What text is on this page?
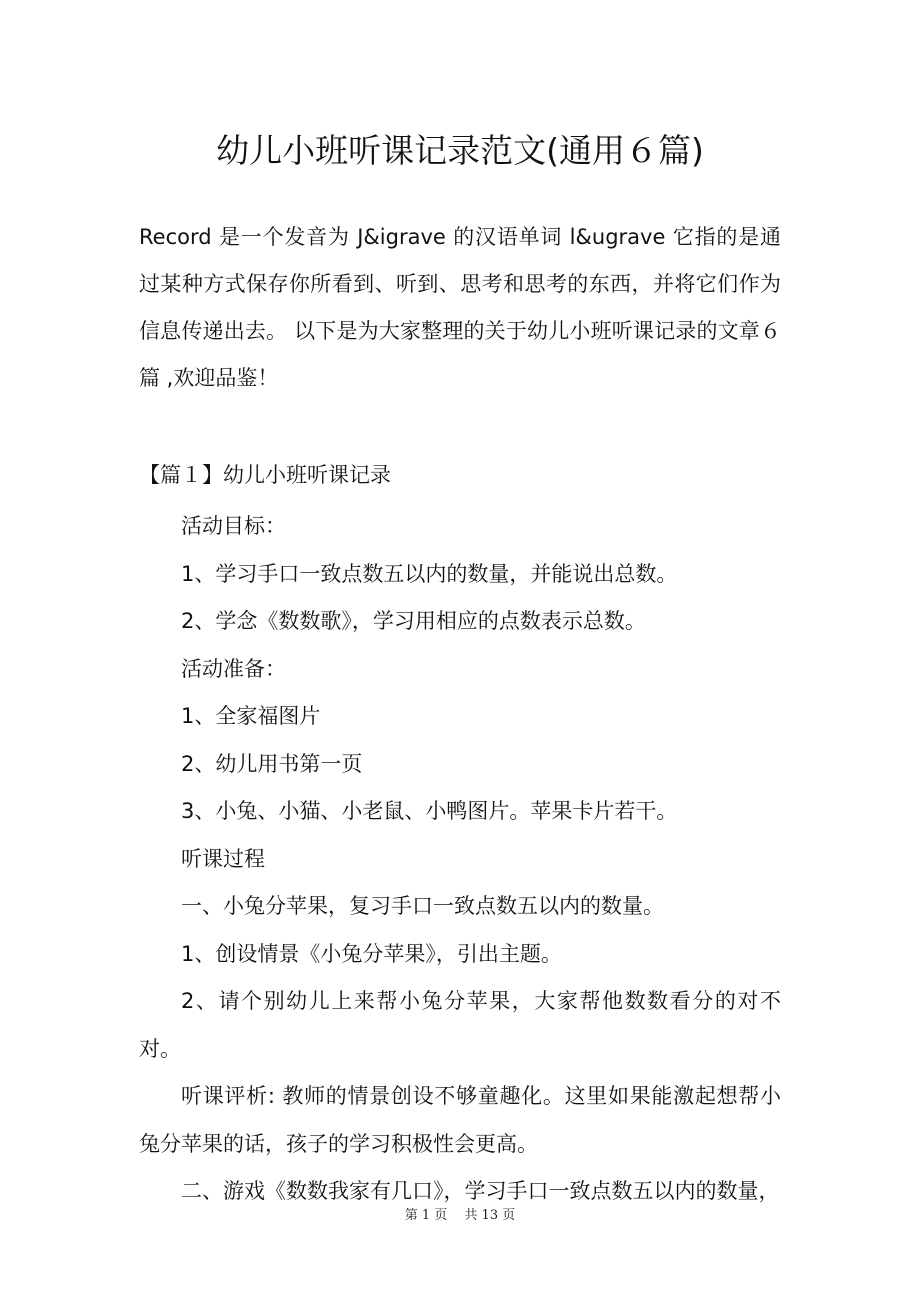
幼儿小班听课记录范文(通用６篇)

Record 是一个发音为 J&igrave 的汉语单词 l&ugrave 它指的是通过某种方式保存你所看到、听到、思考和思考的东西，并将它们作为信息传递出去。 以下是为大家整理的关于幼儿小班听课记录的文章６篇 ,欢迎品鉴！

【篇１】幼儿小班听课记录

活动目标：

1、学习手口一致点数五以内的数量，并能说出总数。

2、学念《数数歌》，学习用相应的点数表示总数。

活动准备：

1、全家福图片

2、幼儿用书第一页

3、小兔、小猫、小老鼠、小鸭图片。苹果卡片若干。

听课过程

一、小兔分苹果，复习手口一致点数五以内的数量。

1、创设情景《小兔分苹果》，引出主题。

2、请个别幼儿上来帮小兔分苹果，大家帮他数数看分的对不对。

听课评析: 教师的情景创设不够童趣化。这里如果能激起想帮小兔分苹果的话，孩子的学习积极性会更高。

二、游戏《数数我家有几口》，学习手口一致点数五以内的数量，

第 1 页　 共 13 页
